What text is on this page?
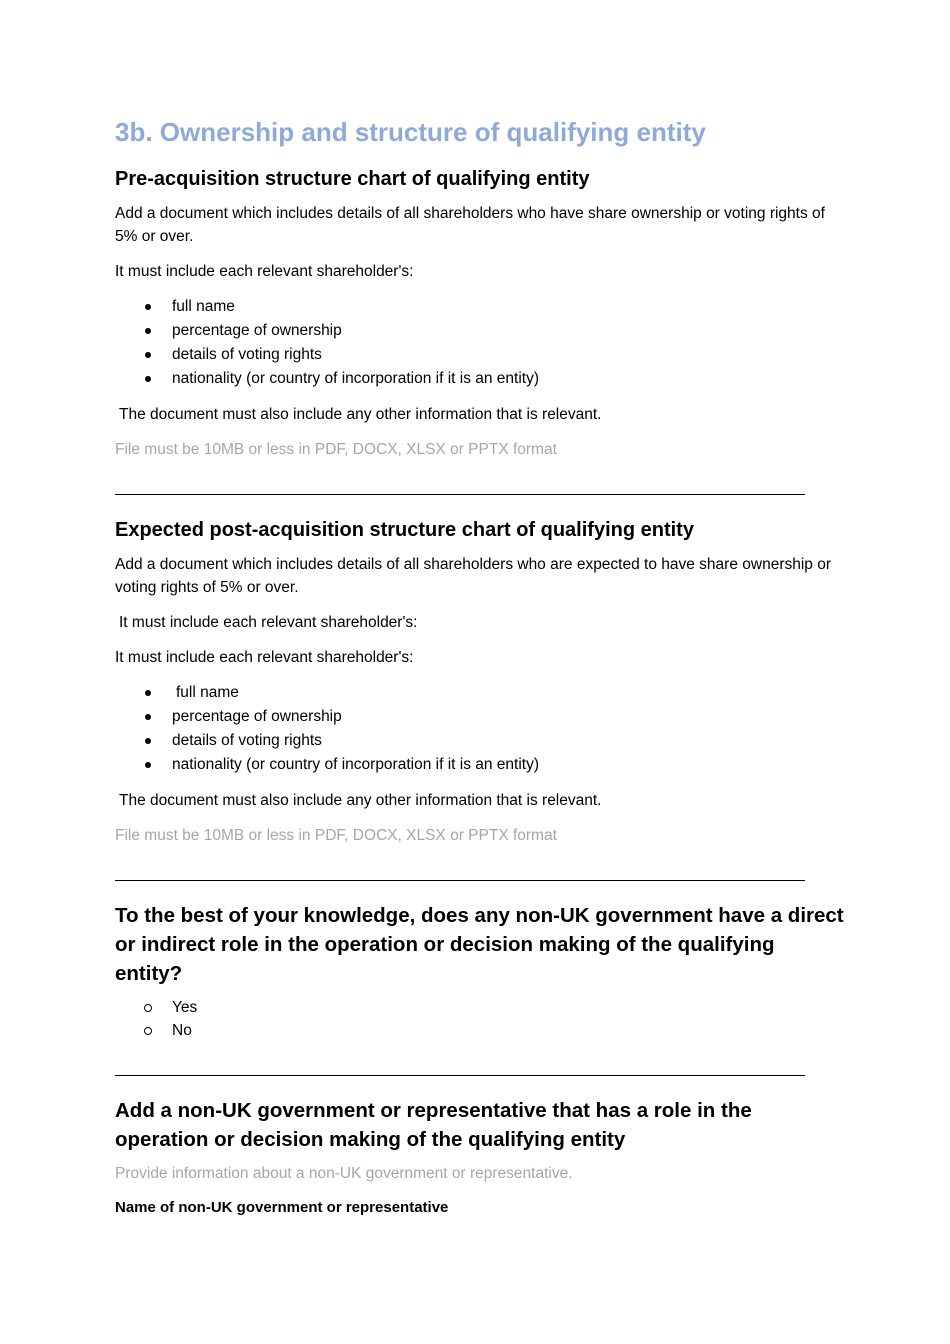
3b. Ownership and structure of qualifying entity
Pre-acquisition structure chart of qualifying entity

Add a document which includes details of all shareholders who have share ownership or voting rights of 5% or over.

It must include each relevant shareholder's:

full name
percentage of ownership
details of voting rights
nationality (or country of incorporation if it is an entity)

The document must also include any other information that is relevant.

File must be 10MB or less in PDF, DOCX, XLSX or PPTX format

Expected post-acquisition structure chart of qualifying entity

Add a document which includes details of all shareholders who are expected to have share ownership or voting rights of 5% or over.

It must include each relevant shareholder's:

It must include each relevant shareholder's:

full name
percentage of ownership
details of voting rights
nationality (or country of incorporation if it is an entity)

The document must also include any other information that is relevant.

File must be 10MB or less in PDF, DOCX, XLSX or PPTX format

To the best of your knowledge, does any non-UK government have a direct or indirect role in the operation or decision making of the qualifying entity?
Yes
No
Add a non-UK government or representative that has a role in the operation or decision making of the qualifying entity

Provide information about a non-UK government or representative.

Name of non-UK government or representative
